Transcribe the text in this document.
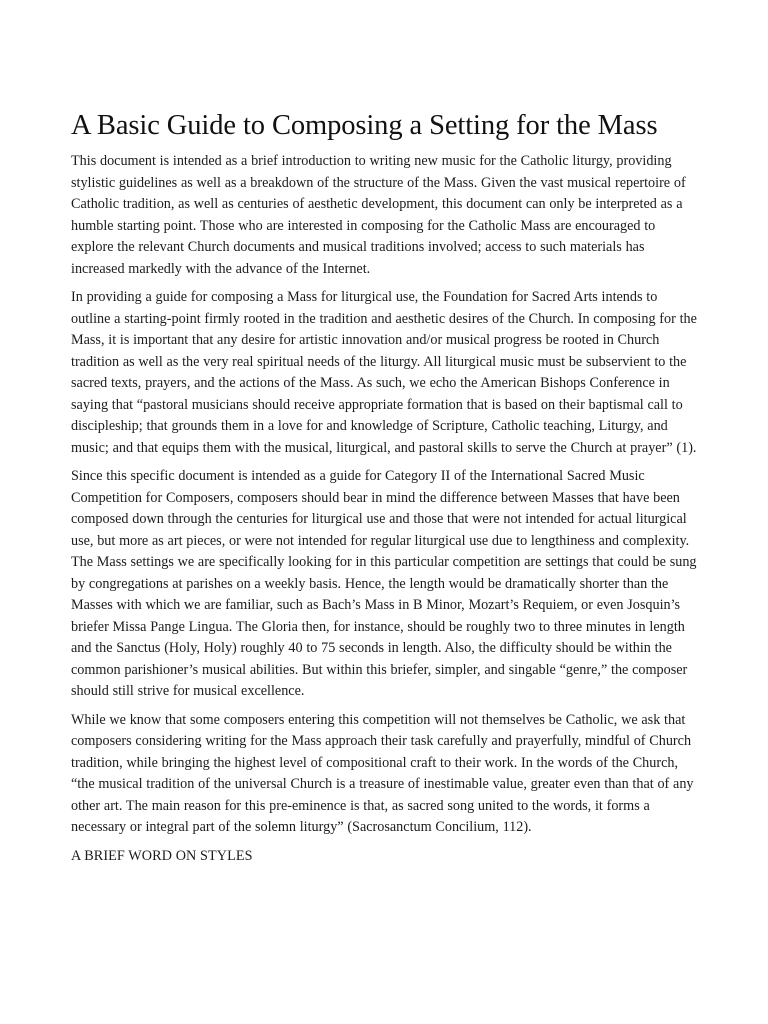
A Basic Guide to Composing a Setting for the Mass

This document is intended as a brief introduction to writing new music for the Catholic liturgy, providing stylistic guidelines as well as a breakdown of the structure of the Mass. Given the vast musical repertoire of Catholic tradition, as well as centuries of aesthetic development, this document can only be interpreted as a humble starting point. Those who are interested in composing for the Catholic Mass are encouraged to explore the relevant Church documents and musical traditions involved; access to such materials has increased markedly with the advance of the Internet.

In providing a guide for composing a Mass for liturgical use, the Foundation for Sacred Arts intends to outline a starting-point firmly rooted in the tradition and aesthetic desires of the Church. In composing for the Mass, it is important that any desire for artistic innovation and/or musical progress be rooted in Church tradition as well as the very real spiritual needs of the liturgy. All liturgical music must be subservient to the sacred texts, prayers, and the actions of the Mass. As such, we echo the American Bishops Conference in saying that “pastoral musicians should receive appropriate formation that is based on their baptismal call to discipleship; that grounds them in a love for and knowledge of Scripture, Catholic teaching, Liturgy, and music; and that equips them with the musical, liturgical, and pastoral skills to serve the Church at prayer” (1).

Since this specific document is intended as a guide for Category II of the International Sacred Music Competition for Composers, composers should bear in mind the difference between Masses that have been composed down through the centuries for liturgical use and those that were not intended for actual liturgical use, but more as art pieces, or were not intended for regular liturgical use due to lengthiness and complexity. The Mass settings we are specifically looking for in this particular competition are settings that could be sung by congregations at parishes on a weekly basis. Hence, the length would be dramatically shorter than the Masses with which we are familiar, such as Bach’s Mass in B Minor, Mozart’s Requiem, or even Josquin’s briefer Missa Pange Lingua. The Gloria then, for instance, should be roughly two to three minutes in length and the Sanctus (Holy, Holy) roughly 40 to 75 seconds in length. Also, the difficulty should be within the common parishioner’s musical abilities. But within this briefer, simpler, and singable “genre,” the composer should still strive for musical excellence.

While we know that some composers entering this competition will not themselves be Catholic, we ask that composers considering writing for the Mass approach their task carefully and prayerfully, mindful of Church tradition, while bringing the highest level of compositional craft to their work. In the words of the Church, “the musical tradition of the universal Church is a treasure of inestimable value, greater even than that of any other art. The main reason for this pre-eminence is that, as sacred song united to the words, it forms a necessary or integral part of the solemn liturgy” (Sacrosanctum Concilium, 112).

A BRIEF WORD ON STYLES
